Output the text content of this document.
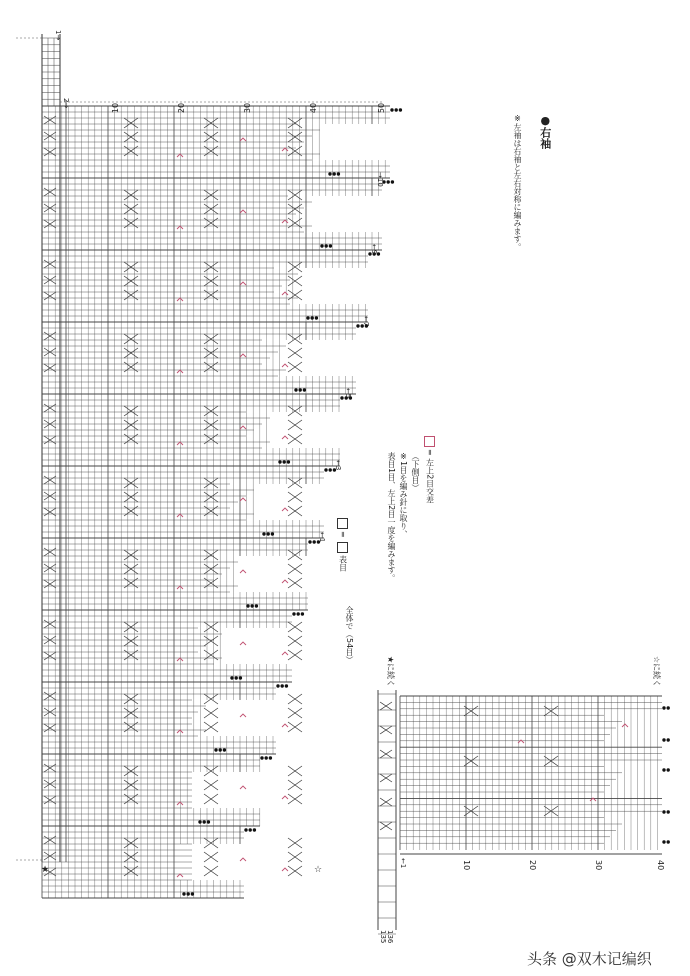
10	20	30	40	50
1→
2→
→10
←9
←7
←5
←3
←1
★	☆	10	20	30	40
←1
136
135
☆に続く
★に続く
●右袖
※左袖は右袖と左右対称に編みます。
= 左上2目交差
（下側目）
※1目を編み針に取り、
表目1目、左上2目一度を編みます。
= 表目
全体で（54目）
头条 @双木记编织
